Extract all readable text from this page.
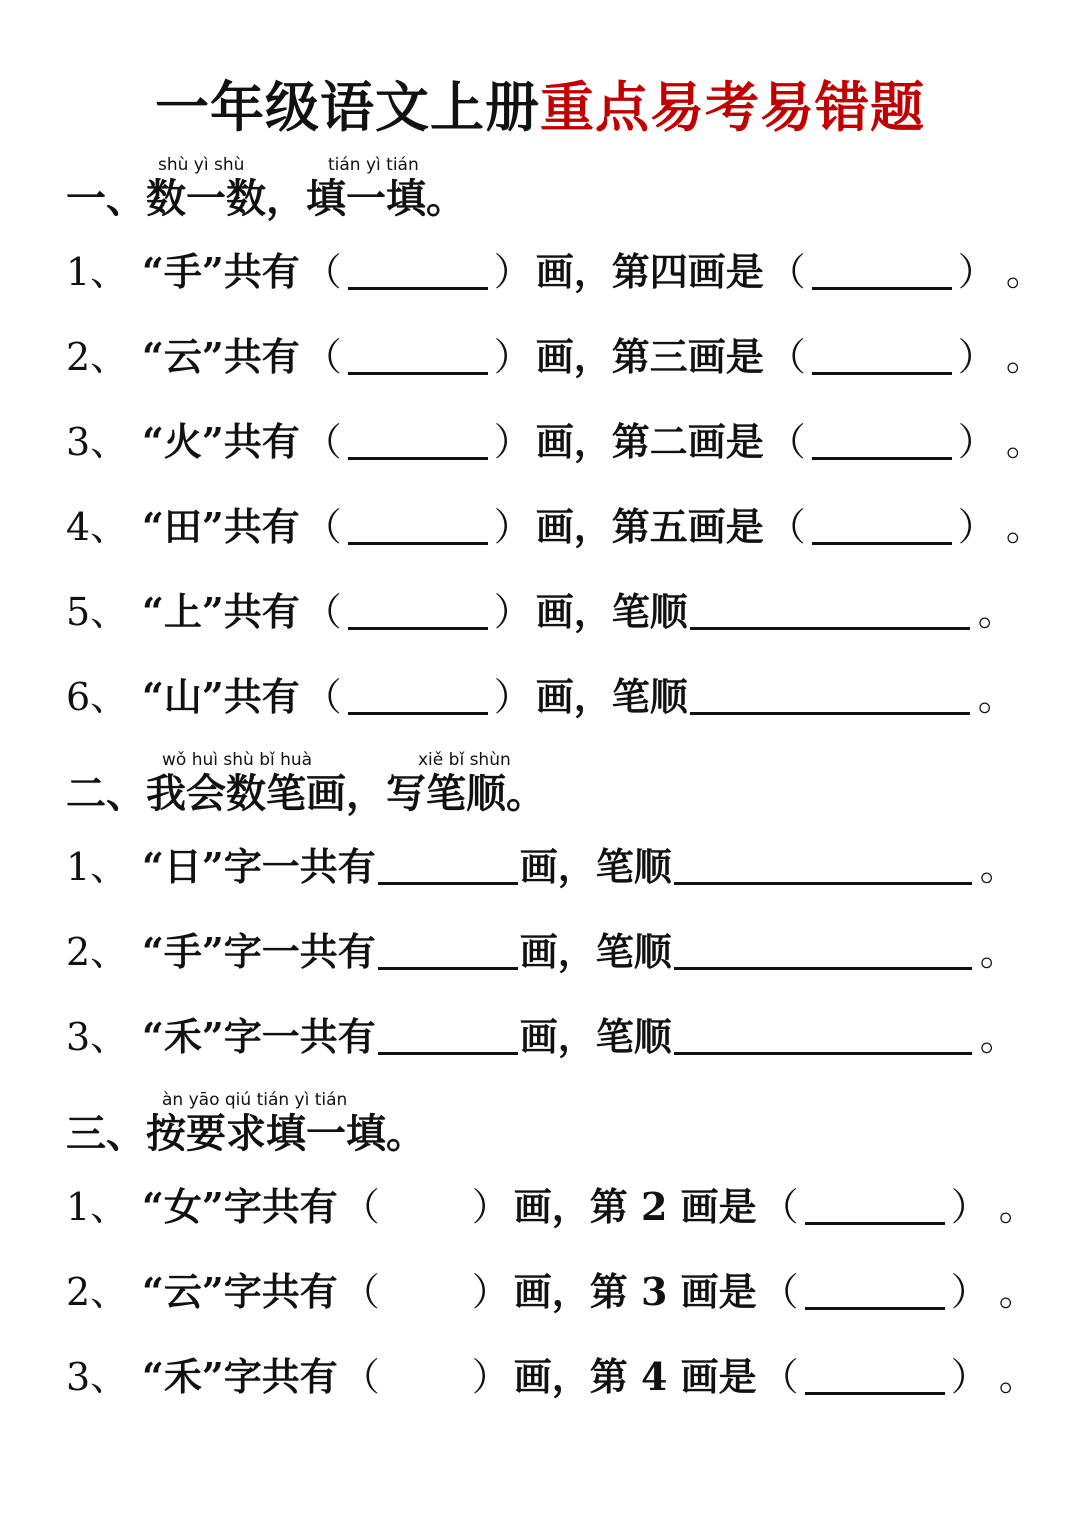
一年级语文上册重点易考易错题
shù yì shù	tián yì tián
一、数一数，填一填。
1、 “手” 共有 （	） 画，第四画是 （	） 。
2、 “云” 共有 （	） 画，第三画是 （	） 。
3、 “火” 共有 （	） 画，第二画是 （	） 。
4、 “田” 共有 （	） 画，第五画是 （	） 。
5、 “上” 共有 （	） 画，笔顺	。
6、 “山” 共有 （	） 画，笔顺	。
wǒ huì shù bǐ huà	xiě bǐ shùn
二、我会数笔画，写笔顺。
1、 “日” 字一共有	画，笔顺	。
2、 “手” 字一共有	画，笔顺	。
3、 “禾” 字一共有	画，笔顺	。
àn yāo qiú tián yì tián
三、按要求填一填。
1、 “女” 字共有 （ ） 画，第 2 画是 （	） 。
2、 “云” 字共有 （ ） 画，第 3 画是 （	） 。
3、 “禾” 字共有 （ ） 画，第 4 画是 （	） 。
